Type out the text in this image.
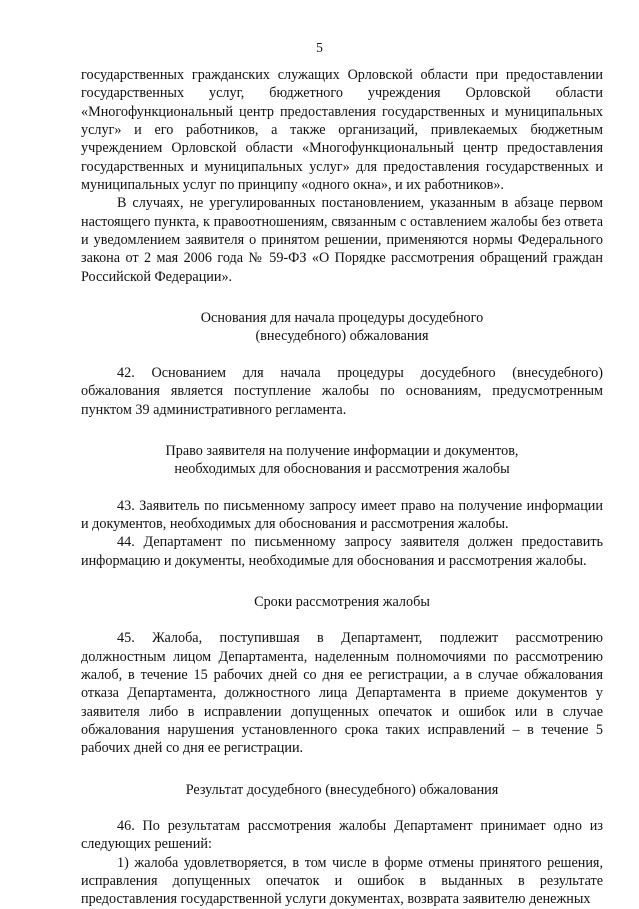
5

государственных гражданских служащих Орловской области при предоставлении государственных услуг, бюджетного учреждения Орловской области «Многофункциональный центр предоставления государственных и муниципальных услуг» и его работников, а также организаций, привлекаемых бюджетным учреждением Орловской области «Многофункциональный центр предоставления государственных и муниципальных услуг» для предоставления государственных и муниципальных услуг по принципу «одного окна», и их работников».

В случаях, не урегулированных постановлением, указанным в абзаце первом настоящего пункта, к правоотношениям, связанным с оставлением жалобы без ответа и уведомлением заявителя о принятом решении, применяются нормы Федерального закона от 2 мая 2006 года № 59-ФЗ «О Порядке рассмотрения обращений граждан Российской Федерации».

Основания для начала процедуры досудебного
(внесудебного) обжалования

42. Основанием для начала процедуры досудебного (внесудебного) обжалования является поступление жалобы по основаниям, предусмотренным пунктом 39 административного регламента.

Право заявителя на получение информации и документов,
необходимых для обоснования и рассмотрения жалобы

43. Заявитель по письменному запросу имеет право на получение информации и документов, необходимых для обоснования и рассмотрения жалобы.

44. Департамент по письменному запросу заявителя должен предоставить информацию и документы, необходимые для обоснования и рассмотрения жалобы.

Сроки рассмотрения жалобы

45. Жалоба, поступившая в Департамент, подлежит рассмотрению должностным лицом Департамента, наделенным полномочиями по рассмотрению жалоб, в течение 15 рабочих дней со дня ее регистрации, а в случае обжалования отказа Департамента, должностного лица Департамента в приеме документов у заявителя либо в исправлении допущенных опечаток и ошибок или в случае обжалования нарушения установленного срока таких исправлений – в течение 5 рабочих дней со дня ее регистрации.

Результат досудебного (внесудебного) обжалования

46. По результатам рассмотрения жалобы Департамент принимает одно из следующих решений:

1) жалоба удовлетворяется, в том числе в форме отмены принятого решения, исправления допущенных опечаток и ошибок в выданных в результате предоставления государственной услуги документах, возврата заявителю денежных
